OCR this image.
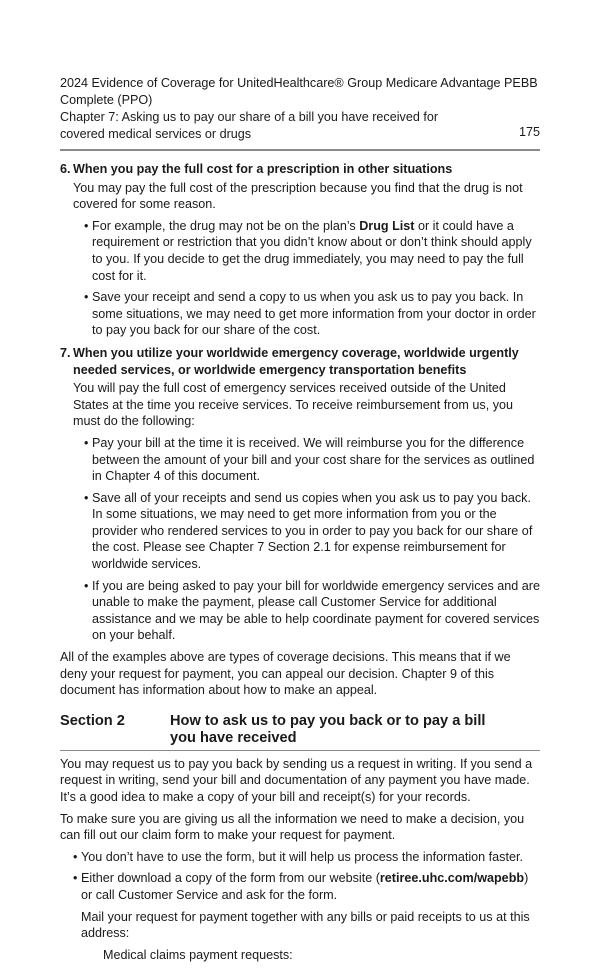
2024 Evidence of Coverage for UnitedHealthcare® Group Medicare Advantage PEBB Complete (PPO)
Chapter 7: Asking us to pay our share of a bill you have received for covered medical services or drugs	175
6. When you pay the full cost for a prescription in other situations

You may pay the full cost of the prescription because you find that the drug is not covered for some reason.

• For example, the drug may not be on the plan’s Drug List or it could have a requirement or restriction that you didn’t know about or don’t think should apply to you. If you decide to get the drug immediately, you may need to pay the full cost for it.
• Save your receipt and send a copy to us when you ask us to pay you back. In some situations, we may need to get more information from your doctor in order to pay you back for our share of the cost.
7. When you utilize your worldwide emergency coverage, worldwide urgently needed services, or worldwide emergency transportation benefits

You will pay the full cost of emergency services received outside of the United States at the time you receive services. To receive reimbursement from us, you must do the following:

• Pay your bill at the time it is received. We will reimburse you for the difference between the amount of your bill and your cost share for the services as outlined in Chapter 4 of this document.
• Save all of your receipts and send us copies when you ask us to pay you back. In some situations, we may need to get more information from you or the provider who rendered services to you in order to pay you back for our share of the cost. Please see Chapter 7 Section 2.1 for expense reimbursement for worldwide services.
• If you are being asked to pay your bill for worldwide emergency services and are unable to make the payment, please call Customer Service for additional assistance and we may be able to help coordinate payment for covered services on your behalf.

All of the examples above are types of coverage decisions. This means that if we deny your request for payment, you can appeal our decision. Chapter 9 of this document has information about how to make an appeal.

Section 2	How to ask us to pay you back or to pay a bill you have received

You may request us to pay you back by sending us a request in writing. If you send a request in writing, send your bill and documentation of any payment you have made. It’s a good idea to make a copy of your bill and receipt(s) for your records.

To make sure you are giving us all the information we need to make a decision, you can fill out our claim form to make your request for payment.

• You don’t have to use the form, but it will help us process the information faster.
• Either download a copy of the form from our website (retiree.uhc.com/wapebb) or call Customer Service and ask for the form.

Mail your request for payment together with any bills or paid receipts to us at this address:

Medical claims payment requests:
